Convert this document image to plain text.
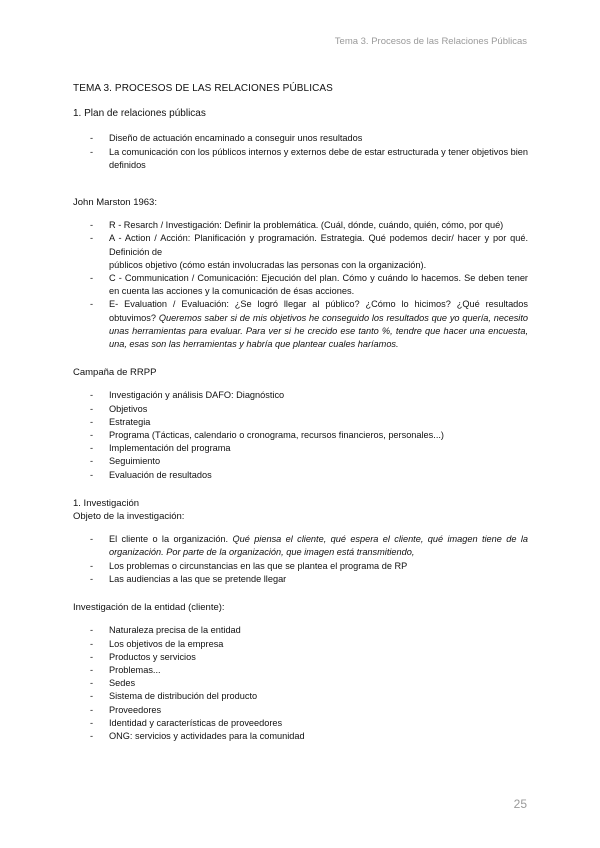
Tema 3. Procesos de las Relaciones Públicas
TEMA 3. PROCESOS DE LAS RELACIONES PÚBLICAS
1. Plan de relaciones públicas
- Diseño de actuación encaminado a conseguir unos resultados
- La comunicación con los públicos internos y externos debe de estar estructurada y tener objetivos bien definidos
John Marston 1963:
- R - Resarch / Investigación: Definir la problemática. (Cuál, dónde, cuándo, quién, cómo, por qué)
- A - Action / Acción: Planificación y programación. Estrategia. Qué podemos decir/ hacer y por qué. Definición de
públicos objetivo (cómo están involucradas las personas con la organización).
- C - Communication / Comunicación: Ejecución del plan. Cómo y cuándo lo hacemos. Se deben tener en cuenta las acciones y la comunicación de ésas acciones.
- E- Evaluation / Evaluación: ¿Se logró llegar al público? ¿Cómo lo hicimos? ¿Qué resultados obtuvimos? Queremos saber si de mis objetivos he conseguido los resultados que yo quería, necesito unas herramientas para evaluar. Para ver si he crecido ese tanto %, tendre que hacer una encuesta, una, esas son las herramientas y habría que plantear cuales haríamos.
Campaña de RRPP
- Investigación y análisis DAFO: Diagnóstico
- Objetivos
- Estrategia
- Programa (Tácticas, calendario o cronograma, recursos financieros, personales...)
- Implementación del programa
- Seguimiento
- Evaluación de resultados
1. Investigación
Objeto de la investigación:
- El cliente o la organización. Qué piensa el cliente, qué espera el cliente, qué imagen tiene de la organización. Por parte de la organización, que imagen está transmitiendo,
- Los problemas o circunstancias en las que se plantea el programa de RP
- Las audiencias a las que se pretende llegar
Investigación de la entidad (cliente):
- Naturaleza precisa de la entidad
- Los objetivos de la empresa
- Productos y servicios
- Problemas...
- Sedes
- Sistema de distribución del producto
- Proveedores
- Identidad y características de proveedores
- ONG: servicios y actividades para la comunidad
25
